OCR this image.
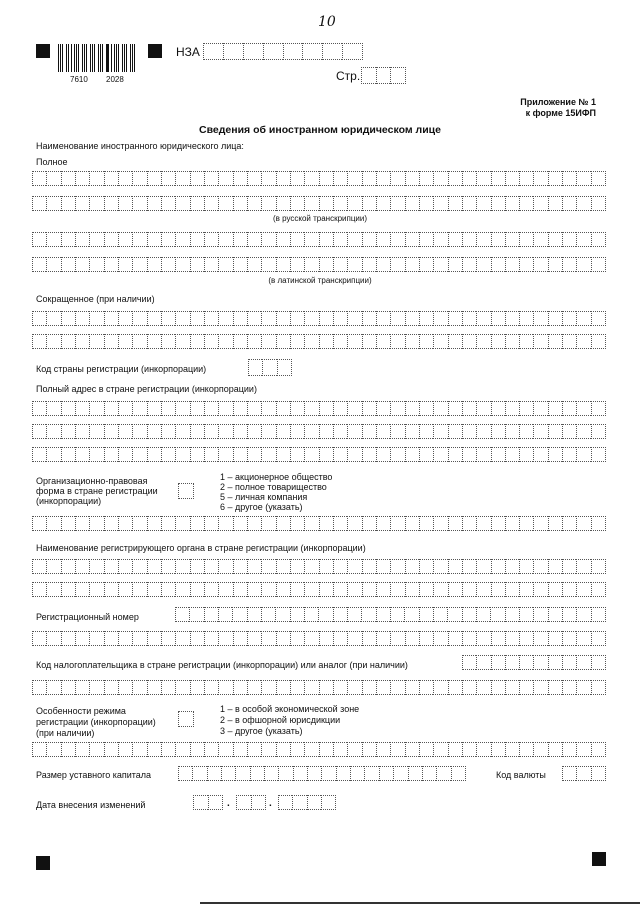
10
7610 2028
НЗА
Стр.
Приложение № 1
к форме 15ИФП
Сведения об иностранном юридическом лице
Наименование иностранного юридического лица:
Полное
(в русской транскрипции)
(в латинской транскрипции)
Сокращенное (при наличии)
Код страны регистрации (инкорпорации)
Полный адрес в стране регистрации (инкорпорации)
Организационно-правовая
форма в стране регистрации
(инкорпорации)
1 – акционерное общество
2 – полное товарищество
5 – личная компания
6 – другое (указать)
Наименование регистрирующего органа в стране регистрации (инкорпорации)
Регистрационный номер
Код налогоплательщика в стране регистрации (инкорпорации) или аналог (при наличии)
Особенности режима
регистрации (инкорпорации)
(при наличии)
1 – в особой экономической зоне
2 – в офшорной юрисдикции
3 – другое (указать)
Размер уставного капитала	Код валюты
Дата внесения изменений	.	.
